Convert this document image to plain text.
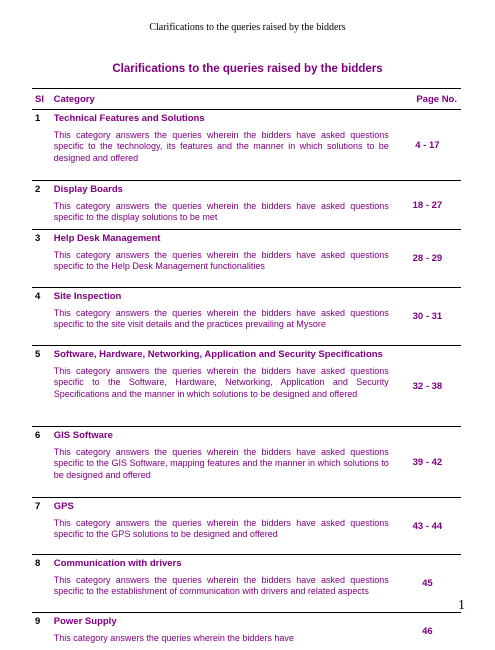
Clarifications to the queries raised by the bidders
Clarifications to the queries raised by the bidders
Sl	Category	Page No.
1	Technical Features and Solutions
This category answers the queries wherein the bidders have asked questions specific to the technology, its features and the manner in which solutions to be designed and offered
4 - 17
2	Display Boards
This category answers the queries wherein the bidders have asked questions specific to the display solutions to be met
18 - 27
3	Help Desk Management
This category answers the queries wherein the bidders have asked questions specific to the Help Desk Management functionalities
28 - 29
4	Site Inspection
This category answers the queries wherein the bidders have asked questions specific to the site visit details and the practices prevailing at Mysore
30 - 31
5	Software, Hardware, Networking, Application and Security Specifications
This category answers the queries wherein the bidders have asked questions specific to the Software, Hardware, Networking, Application and Security Specifications and the manner in which solutions to be designed and offered
32 - 38
6	GIS Software
This category answers the queries wherein the bidders have asked questions specific to the GIS Software, mapping features and the manner in which solutions to be designed and offered
39 - 42
7	GPS
This category answers the queries wherein the bidders have asked questions specific to the GPS solutions to be designed and offered
43 - 44
8	Communication with drivers
This category answers the queries wherein the bidders have asked questions specific to the establishment of communication with drivers and related aspects
45
9	Power Supply
This category answers the queries wherein the bidders have
46
1
